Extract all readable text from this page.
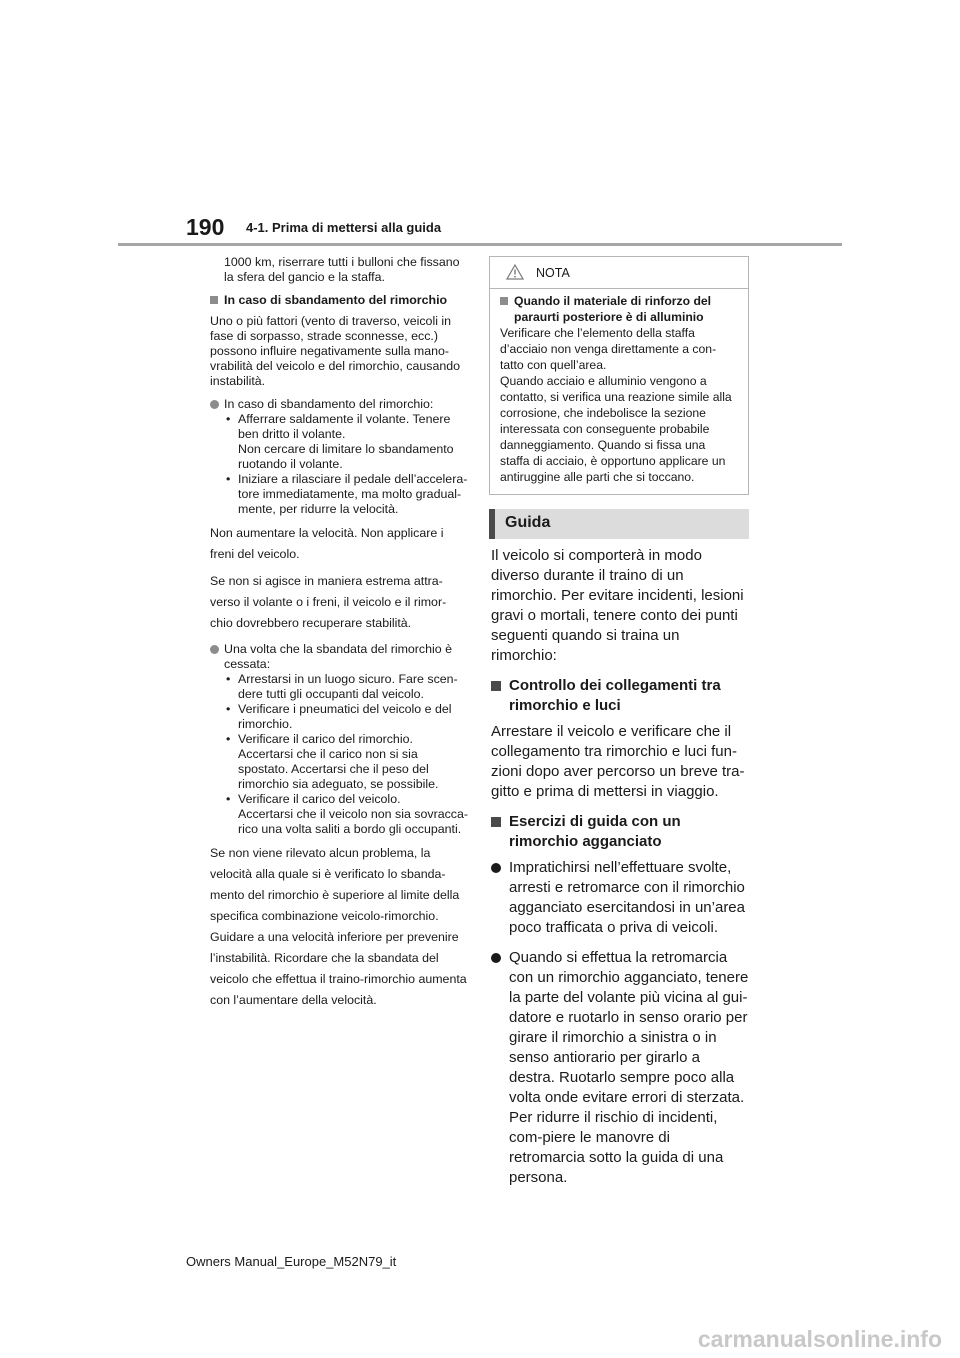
190 4-1. Prima di mettersi alla guida

1000 km, riserrare tutti i bulloni che fissano la sfera del gancio e la staffa.

In caso di sbandamento del rimorchio

Uno o più fattori (vento di traverso, veicoli in fase di sorpasso, strade sconnesse, ecc.) possono influire negativamente sulla mano-vrabilità del veicolo e del rimorchio, causando instabilità.

In caso di sbandamento del rimorchio:
• Afferrare saldamente il volante. Tenere ben dritto il volante.
Non cercare di limitare lo sbandamento ruotando il volante.
• Iniziare a rilasciare il pedale dell’accelera-tore immediatamente, ma molto gradual-mente, per ridurre la velocità.

Non aumentare la velocità. Non applicare i freni del veicolo.

Se non si agisce in maniera estrema attra-verso il volante o i freni, il veicolo e il rimor-chio dovrebbero recuperare stabilità.

Una volta che la sbandata del rimorchio è cessata:
• Arrestarsi in un luogo sicuro. Fare scen-dere tutti gli occupanti dal veicolo.
• Verificare i pneumatici del veicolo e del rimorchio.
• Verificare il carico del rimorchio.
Accertarsi che il carico non si sia spostato. Accertarsi che il peso del rimorchio sia adeguato, se possibile.
• Verificare il carico del veicolo.
Accertarsi che il veicolo non sia sovracca-rico una volta saliti a bordo gli occupanti.

Se non viene rilevato alcun problema, la velocità alla quale si è verificato lo sbanda-mento del rimorchio è superiore al limite della specifica combinazione veicolo-rimorchio. Guidare a una velocità inferiore per prevenire l’instabilità. Ricordare che la sbandata del veicolo che effettua il traino-rimorchio aumenta con l’aumentare della velocità.

NOTA

Quando il materiale di rinforzo del paraurti posteriore è di alluminio

Verificare che l’elemento della staffa d’acciaio non venga direttamente a con-tatto con quell’area.

Quando acciaio e alluminio vengono a contatto, si verifica una reazione simile alla corrosione, che indebolisce la sezione interessata con conseguente probabile danneggiamento. Quando si fissa una staffa di acciaio, è opportuno applicare un antiruggine alle parti che si toccano.

Guida

Il veicolo si comporterà in modo diverso durante il traino di un rimorchio. Per evitare incidenti, lesioni gravi o mortali, tenere conto dei punti seguenti quando si traina un rimorchio:

Controllo dei collegamenti tra rimorchio e luci

Arrestare il veicolo e verificare che il collegamento tra rimorchio e luci fun-zioni dopo aver percorso un breve tra-gitto e prima di mettersi in viaggio.

Esercizi di guida con un rimorchio agganciato

Impratichirsi nell’effettuare svolte, arresti e retromarce con il rimorchio agganciato esercitandosi in un’area poco trafficata o priva di veicoli.
Quando si effettua la retromarcia con un rimorchio agganciato, tenere la parte del volante più vicina al gui-datore e ruotarlo in senso orario per girare il rimorchio a sinistra o in senso antiorario per girarlo a destra. Ruotarlo sempre poco alla volta onde evitare errori di sterzata. Per ridurre il rischio di incidenti, com-piere le manovre di retromarcia sotto la guida di una persona.
Owners Manual_Europe_M52N79_it
carmanualsonline.info
